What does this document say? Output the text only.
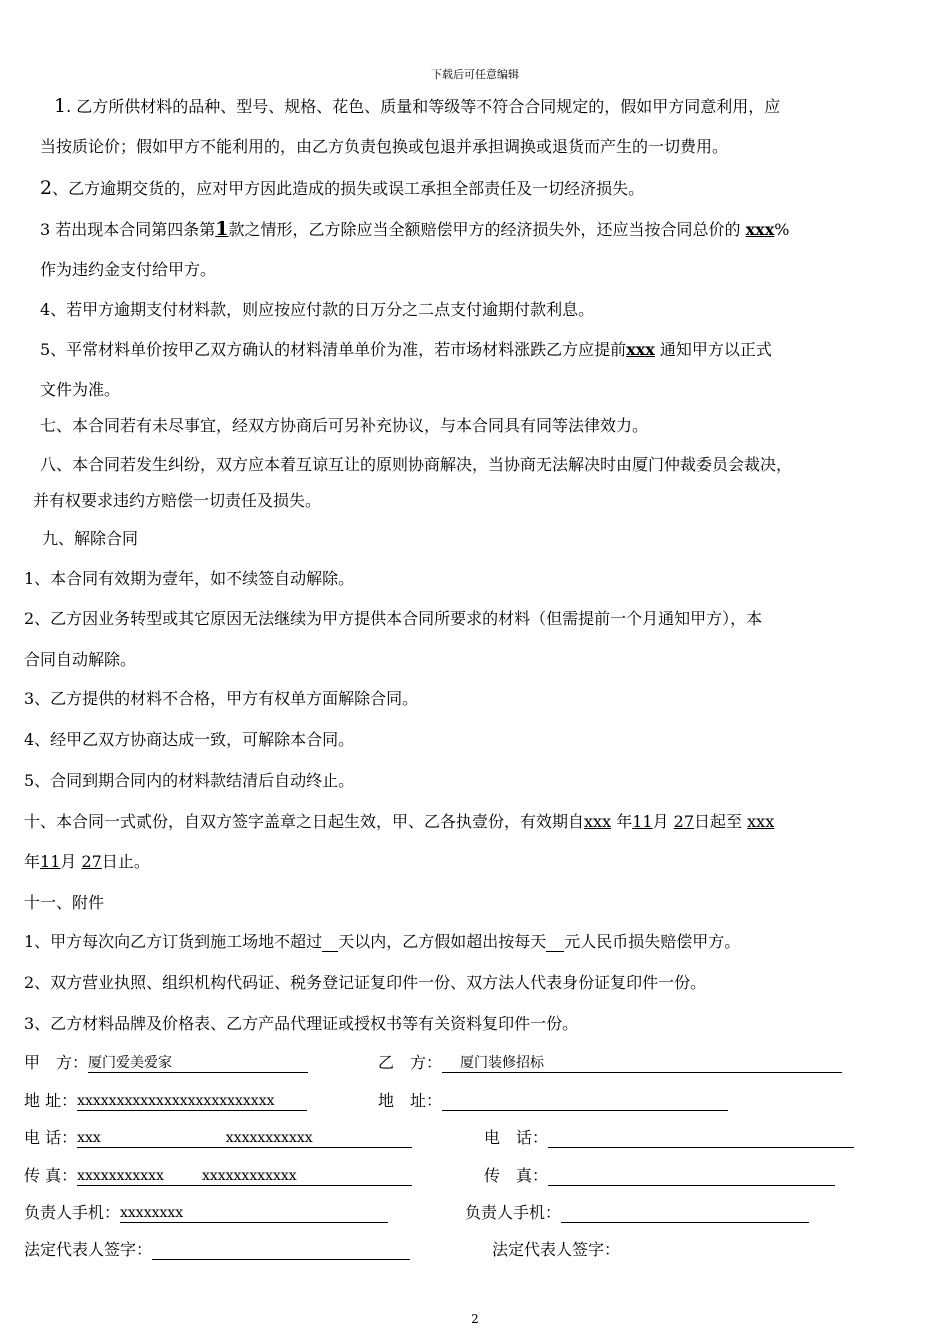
下载后可任意编辑
1. 乙方所供材料的品种、型号、规格、花色、质量和等级等不符合合同规定的，假如甲方同意利用，应
当按质论价；假如甲方不能利用的，由乙方负责包换或包退并承担调换或退货而产生的一切费用。
2、乙方逾期交货的，应对甲方因此造成的损失或误工承担全部责任及一切经济损失。
3 若出现本合同第四条第1款之情形，乙方除应当全额赔偿甲方的经济损失外，还应当按合同总价的 xxx%
作为违约金支付给甲方。
4、若甲方逾期支付材料款，则应按应付款的日万分之二点支付逾期付款利息。
5、平常材料单价按甲乙双方确认的材料清单单价为准，若市场材料涨跌乙方应提前xxx 通知甲方以正式
文件为准。
七、本合同若有未尽事宜，经双方协商后可另补充协议，与本合同具有同等法律效力。
八、本合同若发生纠纷，双方应本着互谅互让的原则协商解决，当协商无法解决时由厦门仲裁委员会裁决，
并有权要求违约方赔偿一切责任及损失。
九、解除合同
1、本合同有效期为壹年，如不续签自动解除。
2、乙方因业务转型或其它原因无法继续为甲方提供本合同所要求的材料（但需提前一个月通知甲方），本
合同自动解除。
3、乙方提供的材料不合格，甲方有权单方面解除合同。
4、经甲乙双方协商达成一致，可解除本合同。
5、合同到期合同内的材料款结清后自动终止。
十、本合同一式贰份，自双方签字盖章之日起生效，甲、乙各执壹份，有效期自xxx 年11月 27日起至 xxx
年11月 27日止。
十一、附件
1、甲方每次向乙方订货到施工场地不超过 天以内，乙方假如超出按每天 元人民币损失赔偿甲方。
2、双方营业执照、组织机构代码证、税务登记证复印件一份、双方法人代表身份证复印件一份。
3、乙方材料品牌及价格表、乙方产品代理证或授权书等有关资料复印件一份。
甲　方：厦门爱美爱家
地 址：xxxxxxxxxxxxxxxxxxxxxxxxx
电 话：xxx	xxxxxxxxxxx
传 真：xxxxxxxxxxx	xxxxxxxxxxxx
负责人手机：xxxxxxxx
法定代表人签字：
乙　方： 厦门装修招标
地　址：
电　话：
传　真：
负责人手机：
法定代表人签字：
2
